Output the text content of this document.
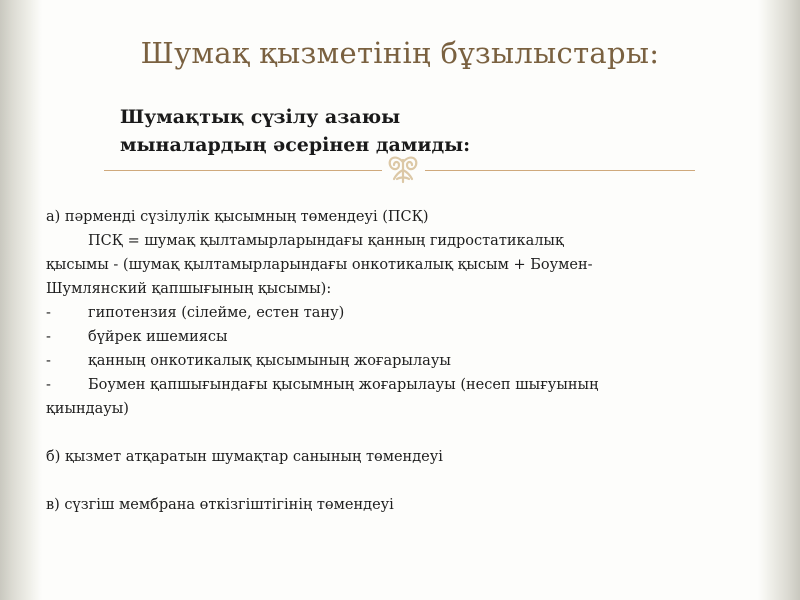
Шумақ қызметінің бұзылыстары:
Шумақтық сүзілу азаюы
мыналардың әсерінен дамиды:
а) пәрменді сүзілулік қысымның төмендеуі (ПСҚ)
ПСҚ = шумақ қылтамырларындағы қанның гидростатикалық
қысымы - (шумақ қылтамырларындағы онкотикалық қысым + Боумен-
Шумлянский қапшығының қысымы):
-	гипотензия (сілейме, естен тану)
-	бүйрек ишемиясы
-	қанның онкотикалық қысымының жоғарылауы
-	Боумен қапшығындағы қысымның жоғарылауы (несеп шығуының
қиындауы)
б) қызмет атқаратын шумақтар санының төмендеуі
в) сүзгіш мембрана өткізгіштігінің төмендеуі
